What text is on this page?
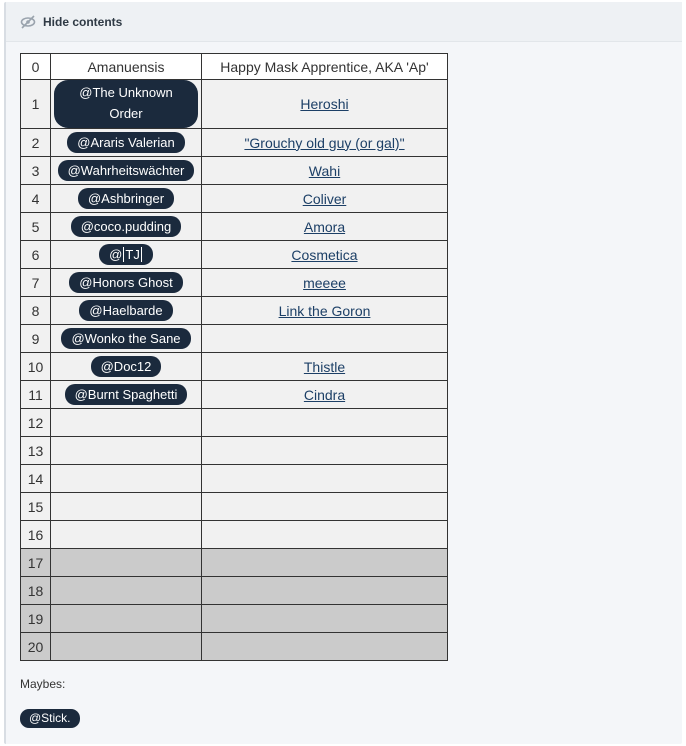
Hide contents
0	Amanuensis	Happy Mask Apprentice, AKA 'Ap'
1	@The Unknown Order	Heroshi
2	@Araris Valerian	"Grouchy old guy (or gal)"
3	@Wahrheitswächter	Wahi
4	@Ashbringer	Coliver
5	@coco.pudding	Amora
6	@ TJ	Cosmetica
7	@Honors Ghost	meeee
8	@Haelbarde	Link the Goron
9	@Wonko the Sane	
10	@Doc12	Thistle
11	@Burnt Spaghetti	Cindra
12		
13		
14		
15		
16		
17		
18		
19		
20		
Maybes:
@Stick.
